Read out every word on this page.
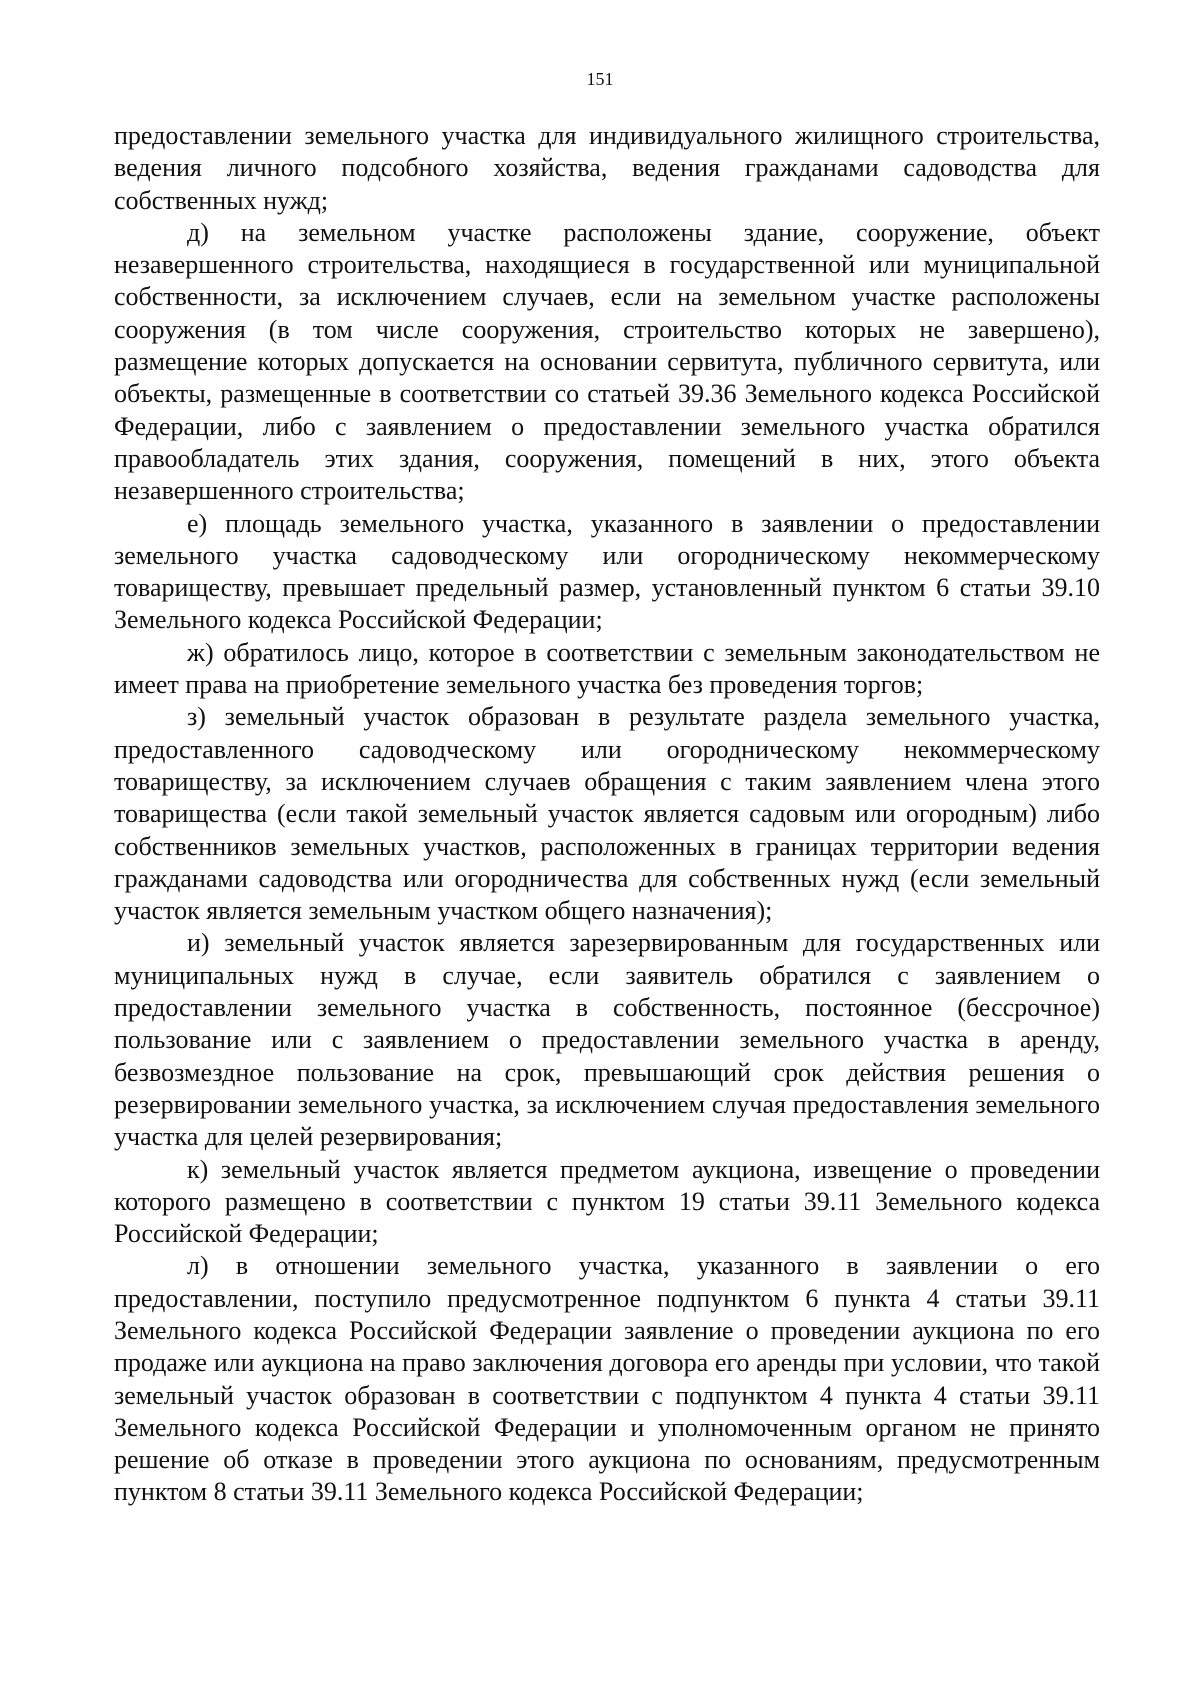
151

предоставлении земельного участка для индивидуального жилищного строительства, ведения личного подсобного хозяйства, ведения гражданами садоводства для собственных нужд;

д) на земельном участке расположены здание, сооружение, объект незавершенного строительства, находящиеся в государственной или муниципальной собственности, за исключением случаев, если на земельном участке расположены сооружения (в том числе сооружения, строительство которых не завершено), размещение которых допускается на основании сервитута, публичного сервитута, или объекты, размещенные в соответствии со статьей 39.36 Земельного кодекса Российской Федерации, либо с заявлением о предоставлении земельного участка обратился правообладатель этих здания, сооружения, помещений в них, этого объекта незавершенного строительства;

е) площадь земельного участка, указанного в заявлении о предоставлении земельного участка садоводческому или огородническому некоммерческому товариществу, превышает предельный размер, установленный пунктом 6 статьи 39.10 Земельного кодекса Российской Федерации;

ж) обратилось лицо, которое в соответствии с земельным законодательством не имеет права на приобретение земельного участка без проведения торгов;

з) земельный участок образован в результате раздела земельного участка, предоставленного садоводческому или огородническому некоммерческому товариществу, за исключением случаев обращения с таким заявлением члена этого товарищества (если такой земельный участок является садовым или огородным) либо собственников земельных участков, расположенных в границах территории ведения гражданами садоводства или огородничества для собственных нужд (если земельный участок является земельным участком общего назначения);

и) земельный участок является зарезервированным для государственных или муниципальных нужд в случае, если заявитель обратился с заявлением о предоставлении земельного участка в собственность, постоянное (бессрочное) пользование или с заявлением о предоставлении земельного участка в аренду, безвозмездное пользование на срок, превышающий срок действия решения о резервировании земельного участка, за исключением случая предоставления земельного участка для целей резервирования;

к) земельный участок является предметом аукциона, извещение о проведении которого размещено в соответствии с пунктом 19 статьи 39.11 Земельного кодекса Российской Федерации;

л) в отношении земельного участка, указанного в заявлении о его предоставлении, поступило предусмотренное подпунктом 6 пункта 4 статьи 39.11 Земельного кодекса Российской Федерации заявление о проведении аукциона по его продаже или аукциона на право заключения договора его аренды при условии, что такой земельный участок образован в соответствии с подпунктом 4 пункта 4 статьи 39.11 Земельного кодекса Российской Федерации и уполномоченным органом не принято решение об отказе в проведении этого аукциона по основаниям, предусмотренным пунктом 8 статьи 39.11 Земельного кодекса Российской Федерации;
